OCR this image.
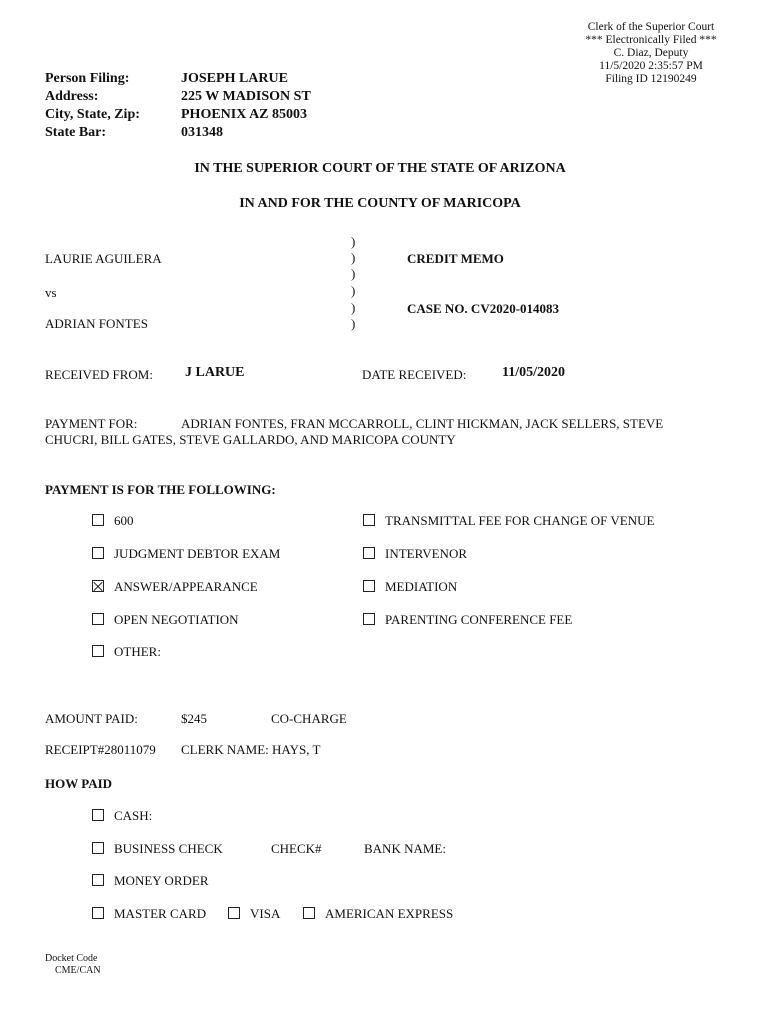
Clerk of the Superior Court
*** Electronically Filed ***
C. Diaz, Deputy
11/5/2020 2:35:57 PM
Filing ID 12190249
Person Filing:	JOSEPH LARUE
Address:	225 W MADISON ST
City, State, Zip:	PHOENIX AZ 85003
State Bar:	031348
IN THE SUPERIOR COURT OF THE STATE OF ARIZONA
IN AND FOR THE COUNTY OF MARICOPA
LAURIE AGUILERA
vs
ADRIAN FONTES
)
)
)
)
)
)
CREDIT MEMO
CASE NO. CV2020-014083
RECEIVED FROM: J LARUE	DATE RECEIVED:	11/05/2020
PAYMENT FOR:	ADRIAN FONTES, FRAN MCCARROLL, CLINT HICKMAN, JACK SELLERS, STEVE
CHUCRI, BILL GATES, STEVE GALLARDO, AND MARICOPA COUNTY
PAYMENT IS FOR THE FOLLOWING:
600
JUDGMENT DEBTOR EXAM
ANSWER/APPEARANCE
OPEN NEGOTIATION
OTHER:
TRANSMITTAL FEE FOR CHANGE OF VENUE
INTERVENOR
MEDIATION
PARENTING CONFERENCE FEE
AMOUNT PAID:	$245	CO-CHARGE
RECEIPT#28011079 CLERK NAME: HAYS, T
HOW PAID
CASH:
BUSINESS CHECK	CHECK#	BANK NAME:
MONEY ORDER
MASTER CARD	VISA	AMERICAN EXPRESS
Docket Code
CME/CAN
